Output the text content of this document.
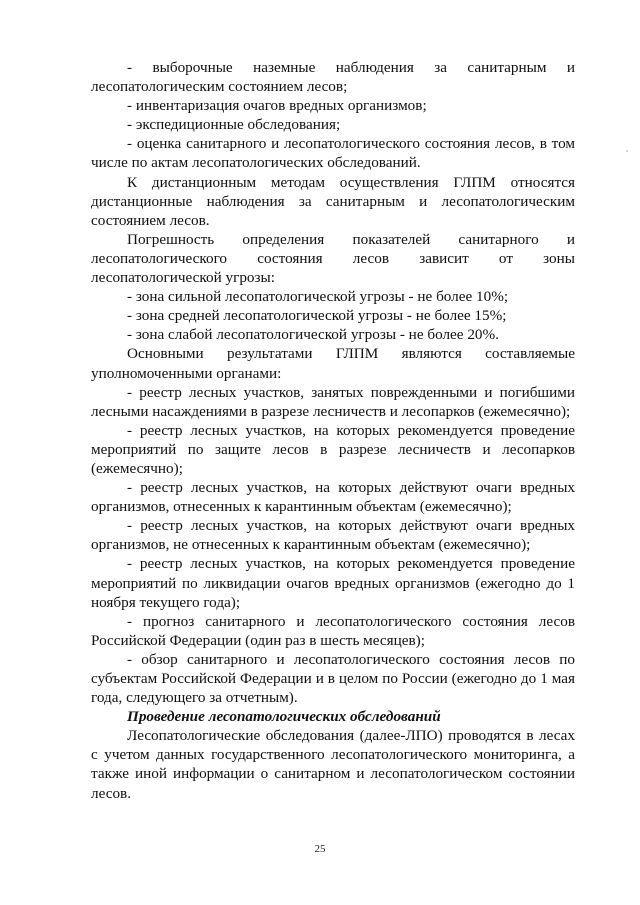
- выборочные наземные наблюдения за санитарным и лесопатологическим состоянием лесов;

- инвентаризация очагов вредных организмов;

- экспедиционные обследования;

- оценка санитарного и лесопатологического состояния лесов, в том числе по актам лесопатологических обследований.

К дистанционным методам осуществления ГЛПМ относятся дистанционные наблюдения за санитарным и лесопатологическим состоянием лесов.

Погрешность определения показателей санитарного и лесопатологического состояния лесов зависит от зоны лесопатологической угрозы:

- зона сильной лесопатологической угрозы - не более 10%;

- зона средней лесопатологической угрозы - не более 15%;

- зона слабой лесопатологической угрозы - не более 20%.

Основными результатами ГЛПМ являются составляемые уполномоченными органами:

- реестр лесных участков, занятых поврежденными и погибшими лесными насаждениями в разрезе лесничеств и лесопарков (ежемесячно);

- реестр лесных участков, на которых рекомендуется проведение мероприятий по защите лесов в разрезе лесничеств и лесопарков (ежемесячно);

- реестр лесных участков, на которых действуют очаги вредных организмов, отнесенных к карантинным объектам (ежемесячно);

- реестр лесных участков, на которых действуют очаги вредных организмов, не отнесенных к карантинным объектам (ежемесячно);

- реестр лесных участков, на которых рекомендуется проведение мероприятий по ликвидации очагов вредных организмов (ежегодно до 1 ноября текущего года);

- прогноз санитарного и лесопатологического состояния лесов Российской Федерации (один раз в шесть месяцев);

- обзор санитарного и лесопатологического состояния лесов по субъектам Российской Федерации и в целом по России (ежегодно до 1 мая года, следующего за отчетным).

Проведение лесопатологических обследований

Лесопатологические обследования (далее-ЛПО) проводятся в лесах с учетом данных государственного лесопатологического мониторинга, а также иной информации о санитарном и лесопатологическом состоянии лесов.

25
